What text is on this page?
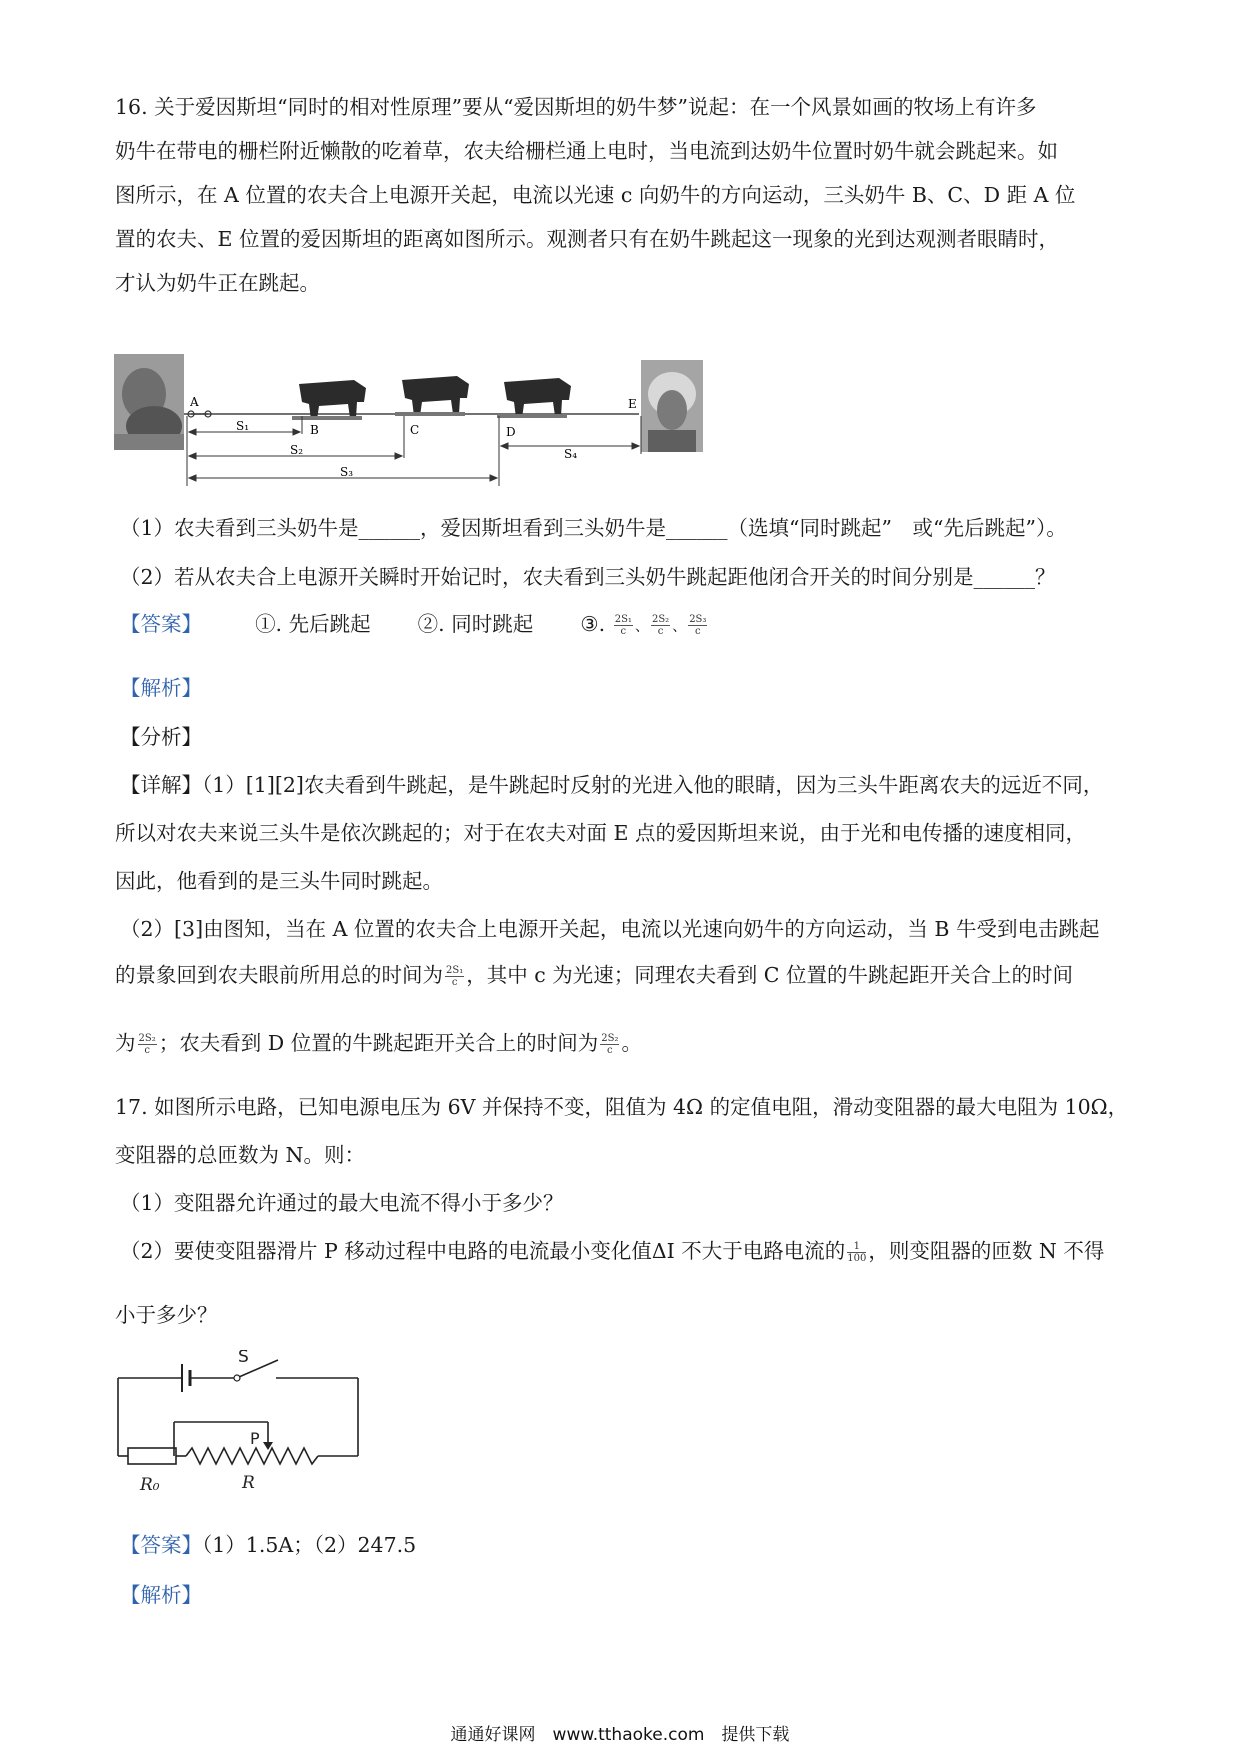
16. 关于爱因斯坦“同时的相对性原理”要从“爱因斯坦的奶牛梦”说起：在一个风景如画的牧场上有许多
奶牛在带电的栅栏附近懒散的吃着草，农夫给栅栏通上电时，当电流到达奶牛位置时奶牛就会跳起来。如
图所示，在 A 位置的农夫合上电源开关起，电流以光速 c 向奶牛的方向运动，三头奶牛 B、C、D 距 A 位
置的农夫、E 位置的爱因斯坦的距离如图所示。观测者只有在奶牛跳起这一现象的光到达观测者眼睛时，
才认为奶牛正在跳起。
A
B	C	D
E
S₁
S₂
S₃
S₄
（1）农夫看到三头奶牛是______，爱因斯坦看到三头奶牛是______（选填“同时跳起”　或“先后跳起”）。
（2）若从农夫合上电源开关瞬时开始记时，农夫看到三头奶牛跳起距他闭合开关的时间分别是______？
【答案】	①. 先后跳起 ②. 同时跳起 ③. $\frac{\text{2S₁}}{c}$ 、 $\frac{\text{2S₂}}{c}$ 、 $\frac{\text{2S₃}}{c}$
【解析】
【分析】
【详解】（1）[1][2]农夫看到牛跳起，是牛跳起时反射的光进入他的眼睛，因为三头牛距离农夫的远近不同，
所以对农夫来说三头牛是依次跳起的；对于在农夫对面 E 点的爱因斯坦来说，由于光和电传播的速度相同，
因此，他看到的是三头牛同时跳起。
（2）[3]由图知，当在 A 位置的农夫合上电源开关起，电流以光速向奶牛的方向运动，当 B 牛受到电击跳起
的景象回到农夫眼前所用总的时间为 $\frac{\text{2S₁}}{c}$ ，其中 c 为光速；同理农夫看到 C 位置的牛跳起距开关合上的时间
为 $\frac{\text{2S₂}}{c}$ ；农夫看到 D 位置的牛跳起距开关合上的时间为 $\frac{\text{2S₂}}{c}$ 。
17. 如图所示电路，已知电源电压为 6V 并保持不变，阻值为 4Ω 的定值电阻，滑动变阻器的最大电阻为 10Ω，
变阻器的总匝数为 N。则：
（1）变阻器允许通过的最大电流不得小于多少？
（2）要使变阻器滑片 P 移动过程中电路的电流最小变化值ΔI 不大于电路电流的 $\frac{1}{100}$ ，则变阻器的匝数 N 不得
小于多少？
S
P
R₀	R
【答案】（1）1.5A；（2）247.5
【解析】
通通好课网　www.tthaoke.com　提供下载
